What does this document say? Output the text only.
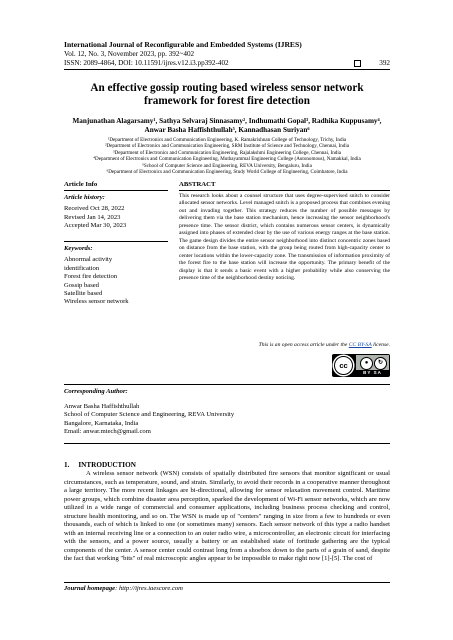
International Journal of Reconfigurable and Embedded Systems (IJRES)
Vol. 12, No. 3, November 2023, pp. 392~402
ISSN: 2089-4864, DOI: 10.11591/ijres.v12.i3.pp392-402	392
An effective gossip routing based wireless sensor network framework for forest fire detection
Manjunathan Alagarsamy¹, Sathya Selvaraj Sinnasamy², Indhumathi Gopal³, Radhika Kuppusamy⁴, Anwar Basha Haffishthullah⁵, Kannadhasan Suriyan⁶
¹Department of Electronics and Communication Engineering, K. Ramakrishnan College of Technology, Trichy, India
²Department of Electronics and Communication Engineering, SRM Institute of Science and Technology, Chennai, India
³Department of Electronics and Communication Engineering, Rajalakshmi Engineering College, Chennai, India
⁴Department of Electronics and Communication Engineering, Muthayammal Engineering College (Autonomous), Namakkal, India
⁵School of Computer Science and Engineering, REVA University, Bengaluru, India
⁶Department of Electronics and Communication Engineering, Study World College of Engineering, Coimbatore, India
Article Info	ABSTRACT
Article history:
Received Oct 28, 2022
Revised Jan 14, 2023
Accepted Mar 30, 2023
Keywords:
Abnormal activity
identification
Forest fire detection
Gossip based
Satellite based
Wireless sensor network
This research looks about a counsel structure that uses degree-supervised snitch to consider allocated sensor networks. Level managed snitch is a proposed process that combines evening out and invading together. This strategy reduces the number of possible messages by delivering them via the base station mechanism, hence increasing the sensor neighborhood's presence time. The sensor district, which contains numerous sensor centers, is dynamically assigned into phases of extended clear by the use of various energy ranges at the base station. The game design divides the entire sensor neighborhood into distinct concentric zones based on distance from the base station, with the group being routed from high-capacity center to center locations within the lower-capacity zone. The transmission of information proximity of the forest fire to the base station will increase the opportunity. The primary benefit of the display is that it sends a basic event with a higher probability while also conserving the presence time of the neighborhood destiny noticing.
This is an open access article under the CC BY-SA license.
cc	●	↻
BY SA
Corresponding Author:
Anwar Basha Haffishthullah
School of Computer Science and Engineering, REVA University
Bangalore, Karnataka, India
Email: anwar.mtech@gmail.com
1.     INTRODUCTION
A wireless sensor network (WSN) consists of spatially distributed fire sensors that monitor significant or usual circumstances, such as temperature, sound, and strain. Similarly, to avoid their records in a cooperative manner throughout a large territory. The more recent linkages are bi-directional, allowing for sensor relaxation movement control. Maritime power groups, which combine disaster area perception, sparked the development of Wi-Fi sensor networks, which are now utilized in a wide range of commercial and consumer applications, including business process checking and control, structure health monitoring, and so on. The WSN is made up of "centers" ranging in size from a few to hundreds or even thousands, each of which is linked to one (or sometimes many) sensors. Each sensor network of this type a radio handset with an internal receiving line or a connection to an outer radio wire, a microcontroller, an electronic circuit for interfacing with the sensors, and a power source, usually a battery or an established state of fortitude gathering are the typical components of the center. A sensor center could contrast long from a shoebox down to the parts of a grain of sand, despite the fact that working "bits" of real microscopic angles appear to be impossible to make right now [1]-[5]. The cost of
Journal homepage: http://ijres.iaescore.com
